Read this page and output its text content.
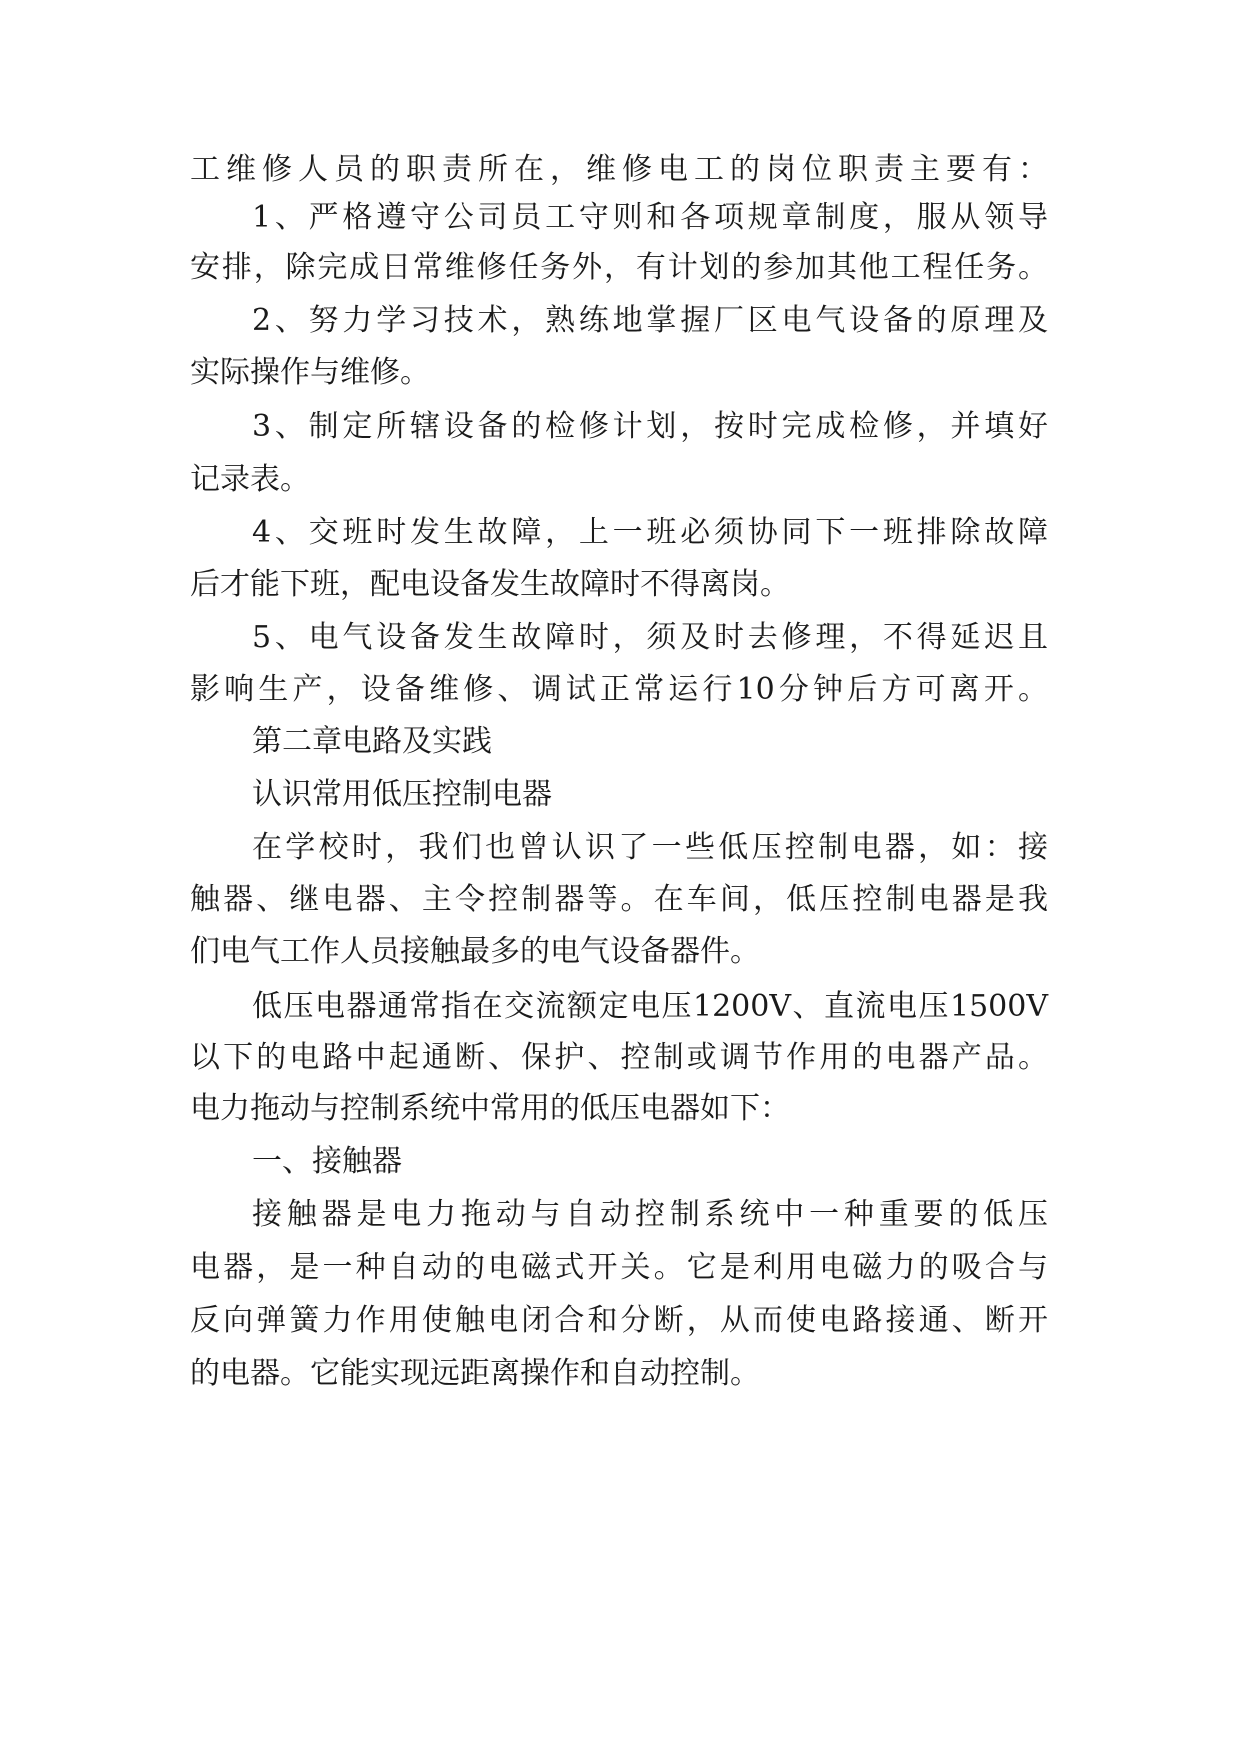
工维修人员的职责所在，维修电工的岗位职责主要有：
1、严格遵守公司员工守则和各项规章制度，服从领导
安排，除完成日常维修任务外，有计划的参加其他工程任务。
2、努力学习技术，熟练地掌握厂区电气设备的原理及
实际操作与维修。
3、制定所辖设备的检修计划，按时完成检修，并填好
记录表。
4、交班时发生故障，上一班必须协同下一班排除故障
后才能下班，配电设备发生故障时不得离岗。
5、电气设备发生故障时，须及时去修理，不得延迟且
影响生产，设备维修、调试正常运行10分钟后方可离开。
第二章电路及实践
认识常用低压控制电器
在学校时，我们也曾认识了一些低压控制电器，如：接
触器、继电器、主令控制器等。在车间，低压控制电器是我
们电气工作人员接触最多的电气设备器件。
低压电器通常指在交流额定电压1200V、直流电压1500V
以下的电路中起通断、保护、控制或调节作用的电器产品。
电力拖动与控制系统中常用的低压电器如下：
一、接触器
接触器是电力拖动与自动控制系统中一种重要的低压
电器，是一种自动的电磁式开关。它是利用电磁力的吸合与
反向弹簧力作用使触电闭合和分断，从而使电路接通、断开
的电器。它能实现远距离操作和自动控制。
